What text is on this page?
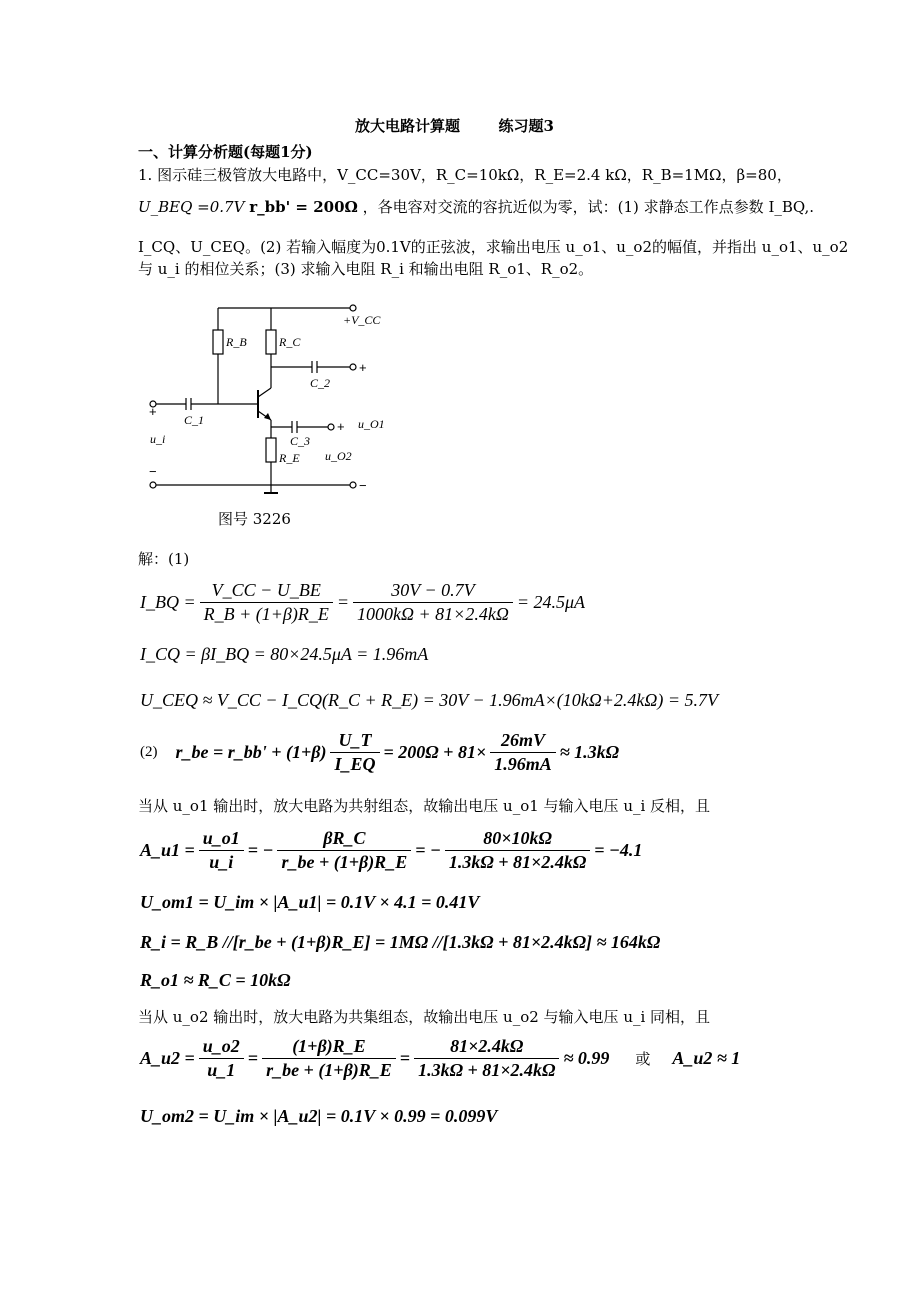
放大电路计算题	练习题3
一、计算分析题(每题1分)
1. 图示硅三极管放大电路中，V_CC=30V，R_C=10kΩ，R_E=2.4 kΩ，R_B=1MΩ，β=80，
U_BEQ =0.7V r_bb' = 200Ω ，各电容对交流的容抗近似为零，试：(1) 求静态工作点参数 I_BQ,.
I_CQ、U_CEQ。(2) 若输入幅度为0.1V的正弦波，求输出电压 u_o1、u_o2的幅值，并指出 u_o1、u_o2
与 u_i 的相位关系；(3) 求输入电阻 R_i 和输出电阻 R_o1、R_o2。
R_B	R_C
R_E
C_1
C_2
C_3
+V_CC
u_i
u_O1
u_O2
+
−
+
+
−
图号 3226
解：(1)
I_BQ = $\frac{V\_CC - U\_BE}{R\_B + (1+\beta)R\_E} = \frac{30V - 0.7V}{1000k\Omega + 81\times 2.4k\Omega} = 24.5\mu A$
I_CQ = βI_BQ = 80×24.5μA = 1.96mA
U_CEQ ≈ V_CC − I_CQ(R_C + R_E) = 30V − 1.96mA×(10kΩ+2.4kΩ) = 5.7V
(2) r_be = r_bb' + $(1+\beta) \frac{U\_T}{I\_EQ} = 200\Omega + 81\times \frac{26mV}{1.96mA} \approx 1.3k\Omega$
当从 u_o1 输出时，放大电路为共射组态，故输出电压 u_o1 与输入电压 u_i 反相，且
A_u1 = $\frac{u\_o1}{u\_i}$ = − $\frac{\beta R\_C}{r\_be + (1+\beta)R\_E}$ = − $\frac{80\times 10k\Omega}{1.3k\Omega + 81\times 2.4k\Omega} = -4.1$
U_om1 = U_im × |A_u1| = 0.1V × 4.1 = 0.41V
R_i = R_B //[r_be + (1+β)R_E] = 1MΩ //[1.3kΩ + 81×2.4kΩ] ≈ 164kΩ
R_o1 ≈ R_C = 10kΩ
当从 u_o2 输出时，放大电路为共集组态，故输出电压 u_o2 与输入电压 u_i 同相，且
A_u2 = $\frac{u\_o2}{u\_1} = \frac{(1+\beta)R\_E}{r\_be + (1+\beta)R\_E} = \frac{81\times 2.4k\Omega}{1.3k\Omega + 81\times 2.4k\Omega} \approx 0.99$ 或 A_u2 ≈ 1
U_om2 = U_im × |A_u2| = 0.1V × 0.99 = 0.099V
